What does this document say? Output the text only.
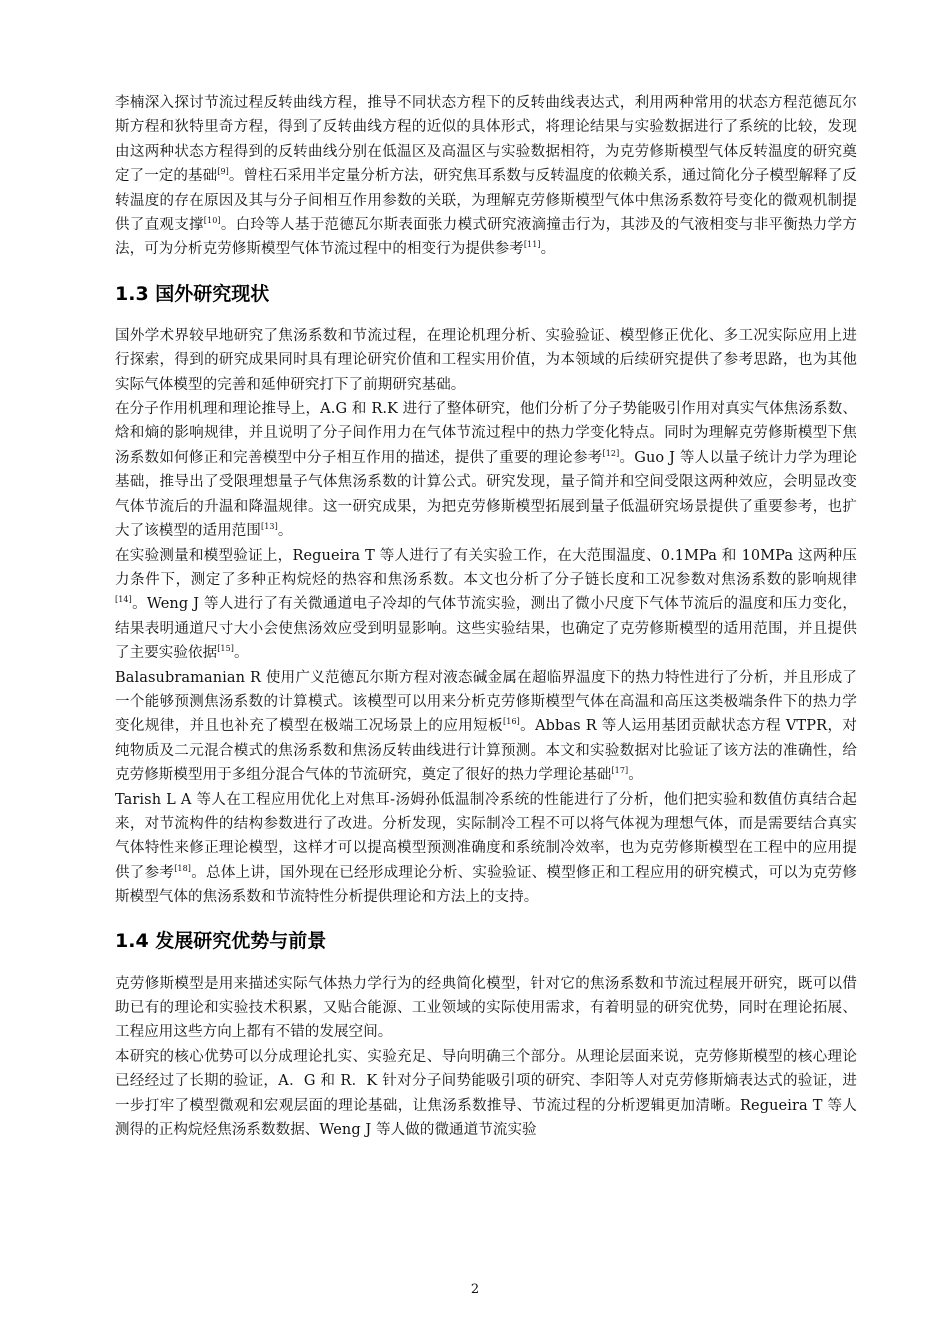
李楠深入探讨节流过程反转曲线方程，推导不同状态方程下的反转曲线表达式，利用两种常用的状态方程范德瓦尔斯方程和狄特里奇方程，得到了反转曲线方程的近似的具体形式，将理论结果与实验数据进行了系统的比较，发现由这两种状态方程得到的反转曲线分别在低温区及高温区与实验数据相符，为克劳修斯模型气体反转温度的研究奠定了一定的基础[9]。曾柱石采用半定量分析方法，研究焦耳系数与反转温度的依赖关系，通过简化分子模型解释了反转温度的存在原因及其与分子间相互作用参数的关联，为理解克劳修斯模型气体中焦汤系数符号变化的微观机制提供了直观支撑[10]。白玲等人基于范德瓦尔斯表面张力模式研究液滴撞击行为，其涉及的气液相变与非平衡热力学方法，可为分析克劳修斯模型气体节流过程中的相变行为提供参考[11]。

1.3 国外研究现状

国外学术界较早地研究了焦汤系数和节流过程，在理论机理分析、实验验证、模型修正优化、多工况实际应用上进行探索，得到的研究成果同时具有理论研究价值和工程实用价值，为本领域的后续研究提供了参考思路，也为其他实际气体模型的完善和延伸研究打下了前期研究基础。

在分子作用机理和理论推导上，A.G 和 R.K 进行了整体研究，他们分析了分子势能吸引作用对真实气体焦汤系数、焓和熵的影响规律，并且说明了分子间作用力在气体节流过程中的热力学变化特点。同时为理解克劳修斯模型下焦汤系数如何修正和完善模型中分子相互作用的描述，提供了重要的理论参考[12]。Guo J 等人以量子统计力学为理论基础，推导出了受限理想量子气体焦汤系数的计算公式。研究发现，量子简并和空间受限这两种效应，会明显改变气体节流后的升温和降温规律。这一研究成果，为把克劳修斯模型拓展到量子低温研究场景提供了重要参考，也扩大了该模型的适用范围[13]。

在实验测量和模型验证上，Regueira T 等人进行了有关实验工作，在大范围温度、0.1MPa 和 10MPa 这两种压力条件下，测定了多种正构烷烃的热容和焦汤系数。本文也分析了分子链长度和工况参数对焦汤系数的影响规律[14]。Weng J 等人进行了有关微通道电子冷却的气体节流实验，测出了微小尺度下气体节流后的温度和压力变化，结果表明通道尺寸大小会使焦汤效应受到明显影响。这些实验结果，也确定了克劳修斯模型的适用范围，并且提供了主要实验依据[15]。

Balasubramanian R 使用广义范德瓦尔斯方程对液态碱金属在超临界温度下的热力特性进行了分析，并且形成了一个能够预测焦汤系数的计算模式。该模型可以用来分析克劳修斯模型气体在高温和高压这类极端条件下的热力学变化规律，并且也补充了模型在极端工况场景上的应用短板[16]。Abbas R 等人运用基团贡献状态方程 VTPR，对纯物质及二元混合模式的焦汤系数和焦汤反转曲线进行计算预测。本文和实验数据对比验证了该方法的准确性，给克劳修斯模型用于多组分混合气体的节流研究，奠定了很好的热力学理论基础[17]。

Tarish L A 等人在工程应用优化上对焦耳-汤姆孙低温制冷系统的性能进行了分析，他们把实验和数值仿真结合起来，对节流构件的结构参数进行了改进。分析发现，实际制冷工程不可以将气体视为理想气体，而是需要结合真实气体特性来修正理论模型，这样才可以提高模型预测准确度和系统制冷效率，也为克劳修斯模型在工程中的应用提供了参考[18]。总体上讲，国外现在已经形成理论分析、实验验证、模型修正和工程应用的研究模式，可以为克劳修斯模型气体的焦汤系数和节流特性分析提供理论和方法上的支持。

1.4 发展研究优势与前景

克劳修斯模型是用来描述实际气体热力学行为的经典简化模型，针对它的焦汤系数和节流过程展开研究，既可以借助已有的理论和实验技术积累，又贴合能源、工业领域的实际使用需求，有着明显的研究优势，同时在理论拓展、工程应用这些方向上都有不错的发展空间。

本研究的核心优势可以分成理论扎实、实验充足、导向明确三个部分。从理论层面来说，克劳修斯模型的核心理论已经经过了长期的验证，A．G 和 R．K 针对分子间势能吸引项的研究、李阳等人对克劳修斯熵表达式的验证，进一步打牢了模型微观和宏观层面的理论基础，让焦汤系数推导、节流过程的分析逻辑更加清晰。Regueira T 等人测得的正构烷烃焦汤系数数据、Weng J 等人做的微通道节流实验

2
